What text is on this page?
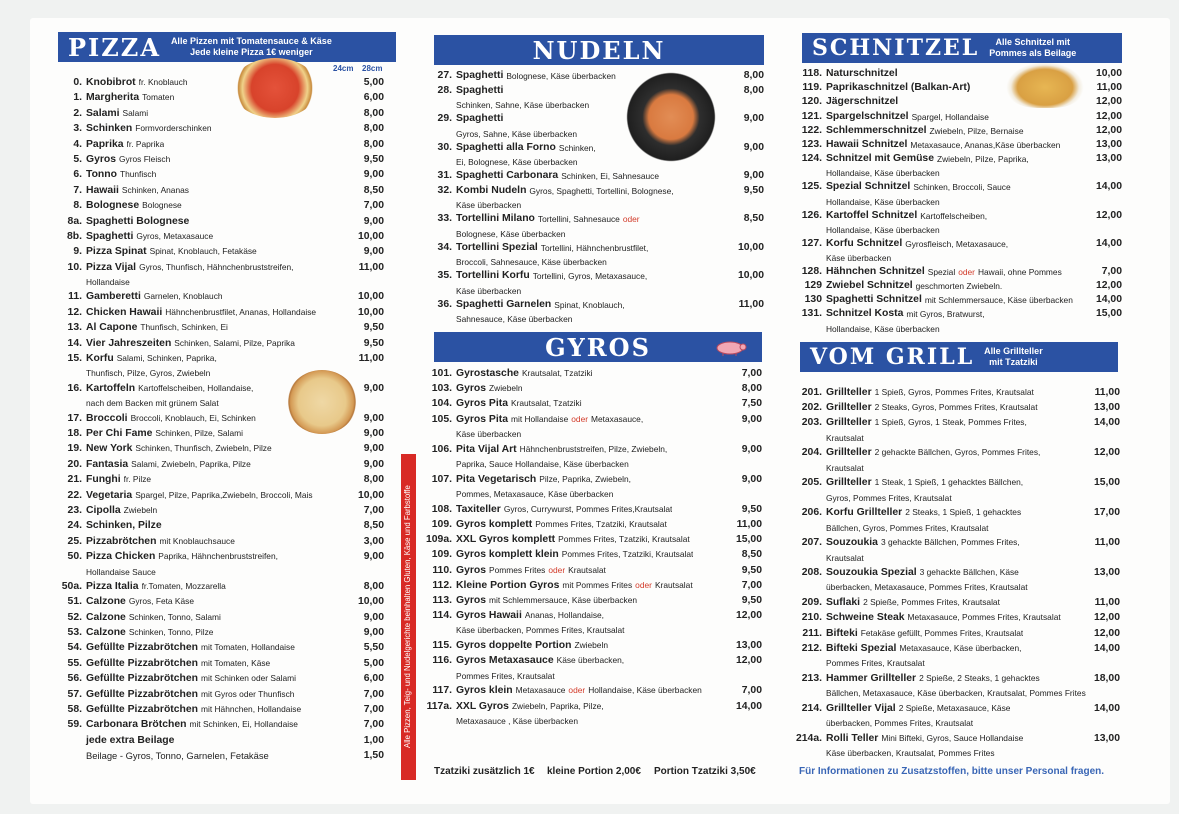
PIZZA Alle Pizzen mit Tomatensauce & Käse
Jede kleine Pizza 1€ weniger
24cm 28cm
0. Knobibrot fr. Knoblauch	5,00
1. Margherita Tomaten	6,00
2. Salami Salami	8,00
3. Schinken Formvorderschinken	8,00
4. Paprika fr. Paprika	8,00
5. Gyros Gyros Fleisch	9,50
6. Tonno Thunfisch	9,00
7. Hawaii Schinken, Ananas	8,50
8. Bolognese Bolognese	7,00
8a. Spaghetti Bolognese	9,00
8b. Spaghetti Gyros, Metaxasauce	10,00
9. Pizza Spinat Spinat, Knoblauch, Fetakäse	9,00
10. Pizza Vijal Gyros, Thunfisch, Hähnchenbruststreifen,	11,00
Hollandaise
11. Gamberetti Garnelen, Knoblauch	10,00
12. Chicken Hawaii Hähnchenbrustfilet, Ananas, Hollandaise	10,00
13. Al Capone Thunfisch, Schinken, Ei	9,50
14. Vier Jahreszeiten Schinken, Salami, Pilze, Paprika	9,50
15. Korfu Salami, Schinken, Paprika,	11,00
Thunfisch, Pilze, Gyros, Zwiebeln
16. Kartoffeln Kartoffelscheiben, Hollandaise,	9,00
nach dem Backen mit grünem Salat
17. Broccoli Broccoli, Knoblauch, Ei, Schinken	9,00
18. Per Chi Fame Schinken, Pilze, Salami	9,00
19. New York Schinken, Thunfisch, Zwiebeln, Pilze	9,00
20. Fantasia Salami, Zwiebeln, Paprika, Pilze	9,00
21. Funghi fr. Pilze	8,00
22. Vegetaria Spargel, Pilze, Paprika,Zwiebeln, Broccoli, Mais	10,00
23. Cipolla Zwiebeln	7,00
24. Schinken, Pilze	8,50
25. Pizzabrötchen mit Knoblauchsauce	3,00
50. Pizza Chicken Paprika, Hähnchenbruststreifen,	9,00
Hollandaise Sauce
50a. Pizza Italia fr.Tomaten, Mozzarella	8,00
51. Calzone Gyros, Feta Käse	10,00
52. Calzone Schinken, Tonno, Salami	9,00
53. Calzone Schinken, Tonno, Pilze	9,00
54. Gefüllte Pizzabrötchen mit Tomaten, Hollandaise	5,50
55. Gefüllte Pizzabrötchen mit Tomaten, Käse	5,00
56. Gefüllte Pizzabrötchen mit Schinken oder Salami	6,00
57. Gefüllte Pizzabrötchen mit Gyros oder Thunfisch	7,00
58. Gefüllte Pizzabrötchen mit Hähnchen, Hollandaise	7,00
59. Carbonara Brötchen mit Schinken, Ei, Hollandaise	7,00
jede extra Beilage	1,00
Beilage - Gyros, Tonno, Garnelen, Fetakäse	1,50
NUDELN
27. Spaghetti Bolognese, Käse überbacken	8,00
28. Spaghetti	8,00
Schinken, Sahne, Käse überbacken
29. Spaghetti	9,00
Gyros, Sahne, Käse überbacken
30. Spaghetti alla Forno Schinken,	9,00
Ei, Bolognese, Käse überbacken
31. Spaghetti Carbonara Schinken, Ei, Sahnesauce	9,00
32. Kombi Nudeln Gyros, Spaghetti, Tortellini, Bolognese,	9,50
Käse überbacken
33. Tortellini Milano Tortellini, Sahnesauce oder	8,50
Bolognese, Käse überbacken
34. Tortellini Spezial Tortellini, Hähnchenbrustfilet,	10,00
Broccoli, Sahnesauce, Käse überbacken
35. Tortellini Korfu Tortellini, Gyros, Metaxasauce,	10,00
Käse überbacken
36. Spaghetti Garnelen Spinat, Knoblauch,	11,00
Sahnesauce, Käse überbacken
GYROS
101. Gyrostasche Krautsalat, Tzatziki	7,00
103. Gyros Zwiebeln	8,00
104. Gyros Pita Krautsalat, Tzatziki	7,50
105. Gyros Pita mit Hollandaise oder Metaxasauce,	9,00
Käse überbacken
106. Pita Vijal Art Hähnchenbruststreifen, Pilze, Zwiebeln,	9,00
Paprika, Sauce Hollandaise, Käse überbacken
107. Pita Vegetarisch Pilze, Paprika, Zwiebeln,	9,00
Pommes, Metaxasauce, Käse überbacken
108. Taxiteller Gyros, Currywurst, Pommes Frites,Krautsalat	9,50
109. Gyros komplett Pommes Frites, Tzatziki, Krautsalat	11,00
109a. XXL Gyros komplett Pommes Frites, Tzatziki, Krautsalat	15,00
109. Gyros komplett klein Pommes Frites, Tzatziki, Krautsalat	8,50
110. Gyros Pommes Frites oder Krautsalat	9,50
112. Kleine Portion Gyros mit Pommes Frites oder Krautsalat	7,00
113. Gyros mit Schlemmersauce, Käse überbacken	9,50
114. Gyros Hawaii Ananas, Hollandaise,	12,00
Käse überbacken, Pommes Frites, Krautsalat
115. Gyros doppelte Portion Zwiebeln	13,00
116. Gyros Metaxasauce Käse überbacken,	12,00
Pommes Frites, Krautsalat
117. Gyros klein Metaxasauce oder Hollandaise, Käse überbacken	7,00
117a. XXL Gyros Zwiebeln, Paprika, Pilze,	14,00
Metaxasauce , Käse überbacken
Tzatziki zusätzlich 1€ kleine Portion 2,00€ Portion Tzatziki 3,50€
Alle Pizzen, Teig- und Nudelgerichte beinhalten Gluten, Käse und Farbstoffe
SCHNITZEL	Alle Schnitzel mit
Pommes als Beilage
118. Naturschnitzel	10,00
119. Paprikaschnitzel (Balkan-Art)	11,00
120. Jägerschnitzel	12,00
121. Spargelschnitzel Spargel, Hollandaise	12,00
122. Schlemmerschnitzel Zwiebeln, Pilze, Bernaise	12,00
123. Hawaii Schnitzel Metaxasauce, Ananas,Käse überbacken	13,00
124. Schnitzel mit Gemüse Zwiebeln, Pilze, Paprika,	13,00
Hollandaise, Käse überbacken
125. Spezial Schnitzel Schinken, Broccoli, Sauce	14,00
Hollandaise, Käse überbacken
126. Kartoffel Schnitzel Kartoffelscheiben,	12,00
Hollandaise, Käse überbacken
127. Korfu Schnitzel Gyrosfleisch, Metaxasauce,	14,00
Käse überbacken
128. Hähnchen Schnitzel Spezial oder Hawaii, ohne Pommes	7,00
129 Zwiebel Schnitzel geschmorten Zwiebeln.	12,00
130 Spaghetti Schnitzel mit Schlemmersauce, Käse überbacken 14,00
131. Schnitzel Kosta mit Gyros, Bratwurst,	15,00
Hollandaise, Käse überbacken
VOM GRILL Alle Grillteller
mit Tzatziki
201. Grillteller 1 Spieß, Gyros, Pommes Frites, Krautsalat	11,00
202. Grillteller 2 Steaks, Gyros, Pommes Frites, Krautsalat	13,00
203. Grillteller 1 Spieß, Gyros, 1 Steak, Pommes Frites,	14,00
Krautsalat
204. Grillteller 2 gehackte Bällchen, Gyros, Pommes Frites,	12,00
Krautsalat
205. Grillteller 1 Steak, 1 Spieß, 1 gehacktes Bällchen,	15,00
Gyros, Pommes Frites, Krautsalat
206. Korfu Grillteller 2 Steaks, 1 Spieß, 1 gehacktes	17,00
Bällchen, Gyros, Pommes Frites, Krautsalat
207. Souzoukia 3 gehackte Bällchen, Pommes Frites,	11,00
Krautsalat
208. Souzoukia Spezial 3 gehackte Bällchen, Käse	13,00
überbacken, Metaxasauce, Pommes Frites, Krautsalat
209. Suflaki 2 Spieße, Pommes Frites, Krautsalat	11,00
210. Schweine Steak Metaxasauce, Pommes Frites, Krautsalat	12,00
211. Bifteki Fetakäse gefüllt, Pommes Frites, Krautsalat	12,00
212. Bifteki Spezial Metaxasauce, Käse überbacken,	14,00
Pommes Frites, Krautsalat
213. Hammer Grillteller 2 Spieße, 2 Steaks, 1 gehacktes	18,00
Bällchen, Metaxasauce, Käse überbacken, Krautsalat, Pommes Frites
214. Grillteller Vijal 2 Spieße, Metaxasauce, Käse	14,00
überbacken, Pommes Frites, Krautsalat
214a. Rolli Teller Mini Bifteki, Gyros, Sauce Hollandaise	13,00
Käse überbacken, Krautsalat, Pommes Frites
Für Informationen zu Zusatzstoffen, bitte unser Personal fragen.
